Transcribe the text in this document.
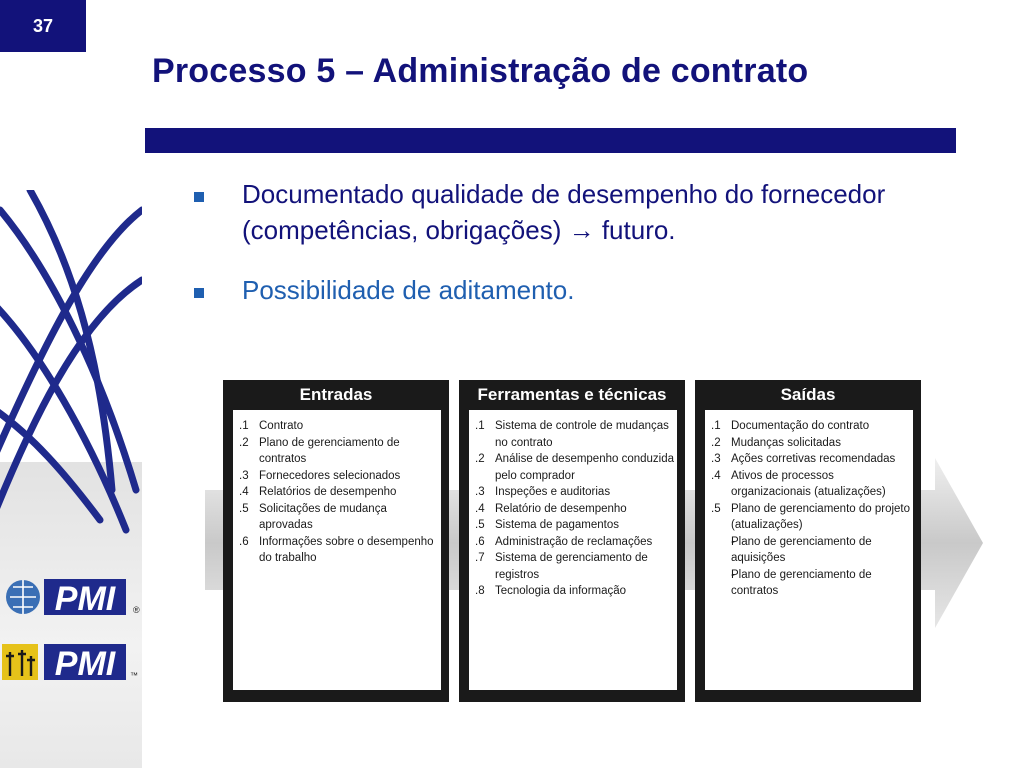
37
Processo 5 – Administração de contrato
PMI ®
PMI ™
Documentado qualidade de desempenho do fornecedor (competências, obrigações) → futuro.
Possibilidade de aditamento.
Entradas
.1 Contrato
.2 Plano de gerenciamento de contratos
.3 Fornecedores selecionados
.4 Relatórios de desempenho
.5 Solicitações de mudança aprovadas
.6 Informações sobre o desempenho do trabalho
Ferramentas e técnicas
.1 Sistema de controle de mudanças no contrato
.2 Análise de desempenho conduzida pelo comprador
.3 Inspeções e auditorias
.4 Relatório de desempenho
.5 Sistema de pagamentos
.6 Administração de reclamações
.7 Sistema de gerenciamento de registros
.8 Tecnologia da informação
Saídas
.1 Documentação do contrato
.2 Mudanças solicitadas
.3 Ações corretivas recomendadas
.4 Ativos de processos organizacionais (atualizações)
.5 Plano de gerenciamento do projeto (atualizações)
- Plano de gerenciamento de aquisições
- Plano de gerenciamento de contratos
